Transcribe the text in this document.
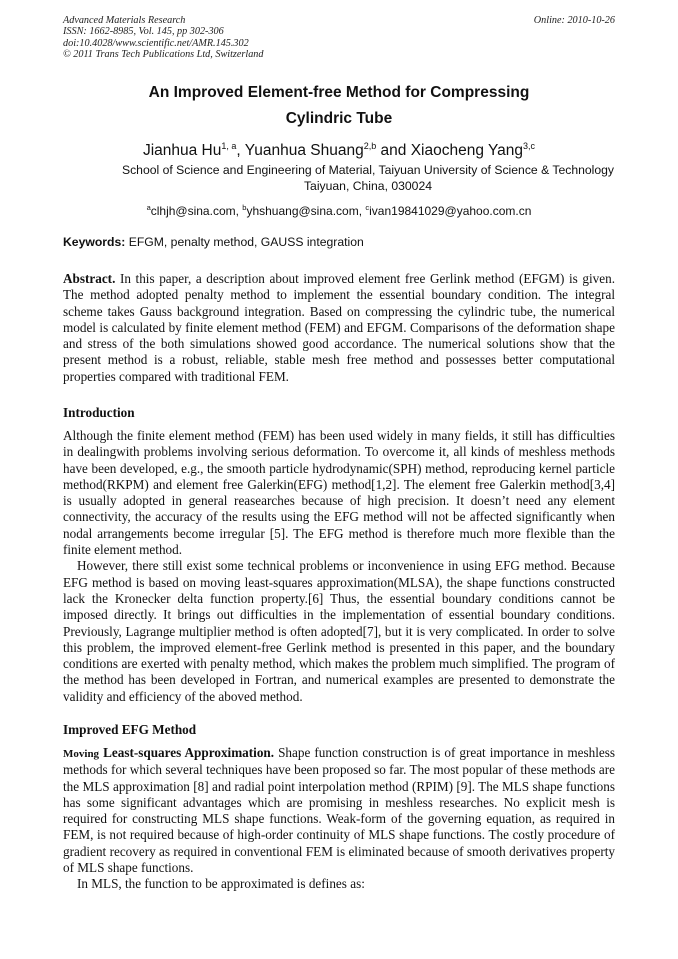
Advanced Materials Research
ISSN: 1662-8985, Vol. 145, pp 302-306
doi:10.4028/www.scientific.net/AMR.145.302
© 2011 Trans Tech Publications Ltd, Switzerland
Online: 2010-10-26
An Improved Element-free Method for Compressing
Cylindric Tube
Jianhua Hu$^{1, a}$, Yuanhua Shuang$^{2,b}$ and Xiaocheng Yang$^{3,c}$
School of Science and Engineering of Material, Taiyuan University of Science & Technology
Taiyuan, China, 030024
$^a$clhjh@sina.com, $^b$yhshuang@sina.com, $^c$ivan19841029@yahoo.com.cn
Keywords: EFGM, penalty method, GAUSS integration
Abstract. In this paper, a description about improved element free Gerlink method (EFGM) is given. The method adopted penalty method to implement the essential boundary condition. The integral scheme takes Gauss background integration. Based on compressing the cylindric tube, the numerical model is calculated by finite element method (FEM) and EFGM. Comparisons of the deformation shape and stress of the both simulations showed good accordance. The numerical solutions show that the present method is a robust, reliable, stable mesh free method and possesses better computational properties compared with traditional FEM.
Introduction

Although the finite element method (FEM) has been used widely in many fields, it still has difficulties in dealingwith problems involving serious deformation. To overcome it, all kinds of meshless methods have been developed, e.g., the smooth particle hydrodynamic(SPH) method, reproducing kernel particle method(RKPM) and element free Galerkin(EFG) method[1,2]. The element free Galerkin method[3,4] is usually adopted in general reasearches because of high precision. It doesn’t need any element connectivity, the accuracy of the results using the EFG method will not be affected significantly when nodal arrangements become irregular [5]. The EFG method is therefore much more flexible than the finite element method.

However, there still exist some technical problems or inconvenience in using EFG method. Because EFG method is based on moving least-squares approximation(MLSA), the shape functions constructed lack the Kronecker delta function property.[6] Thus, the essential boundary conditions cannot be imposed directly. It brings out difficulties in the implementation of essential boundary conditions. Previously, Lagrange multiplier method is often adopted[7], but it is very complicated. In order to solve this problem, the improved element-free Gerlink method is presented in this paper, and the boundary conditions are exerted with penalty method, which makes the problem much simplified. The program of the method has been developed in Fortran, and numerical examples are presented to demonstrate the validity and efficiency of the aboved method.

Improved EFG Method

Moving Least-squares Approximation. Shape function construction is of great importance in meshless methods for which several techniques have been proposed so far. The most popular of these methods are the MLS approximation [8] and radial point interpolation method (RPIM) [9]. The MLS shape functions has some significant advantages which are promising in meshless researches. No explicit mesh is required for constructing MLS shape functions. Weak-form of the governing equation, as required in FEM, is not required because of high-order continuity of MLS shape functions. The costly procedure of gradient recovery as required in conventional FEM is eliminated because of smooth derivatives property of MLS shape functions.

In MLS, the function to be approximated is defines as:
